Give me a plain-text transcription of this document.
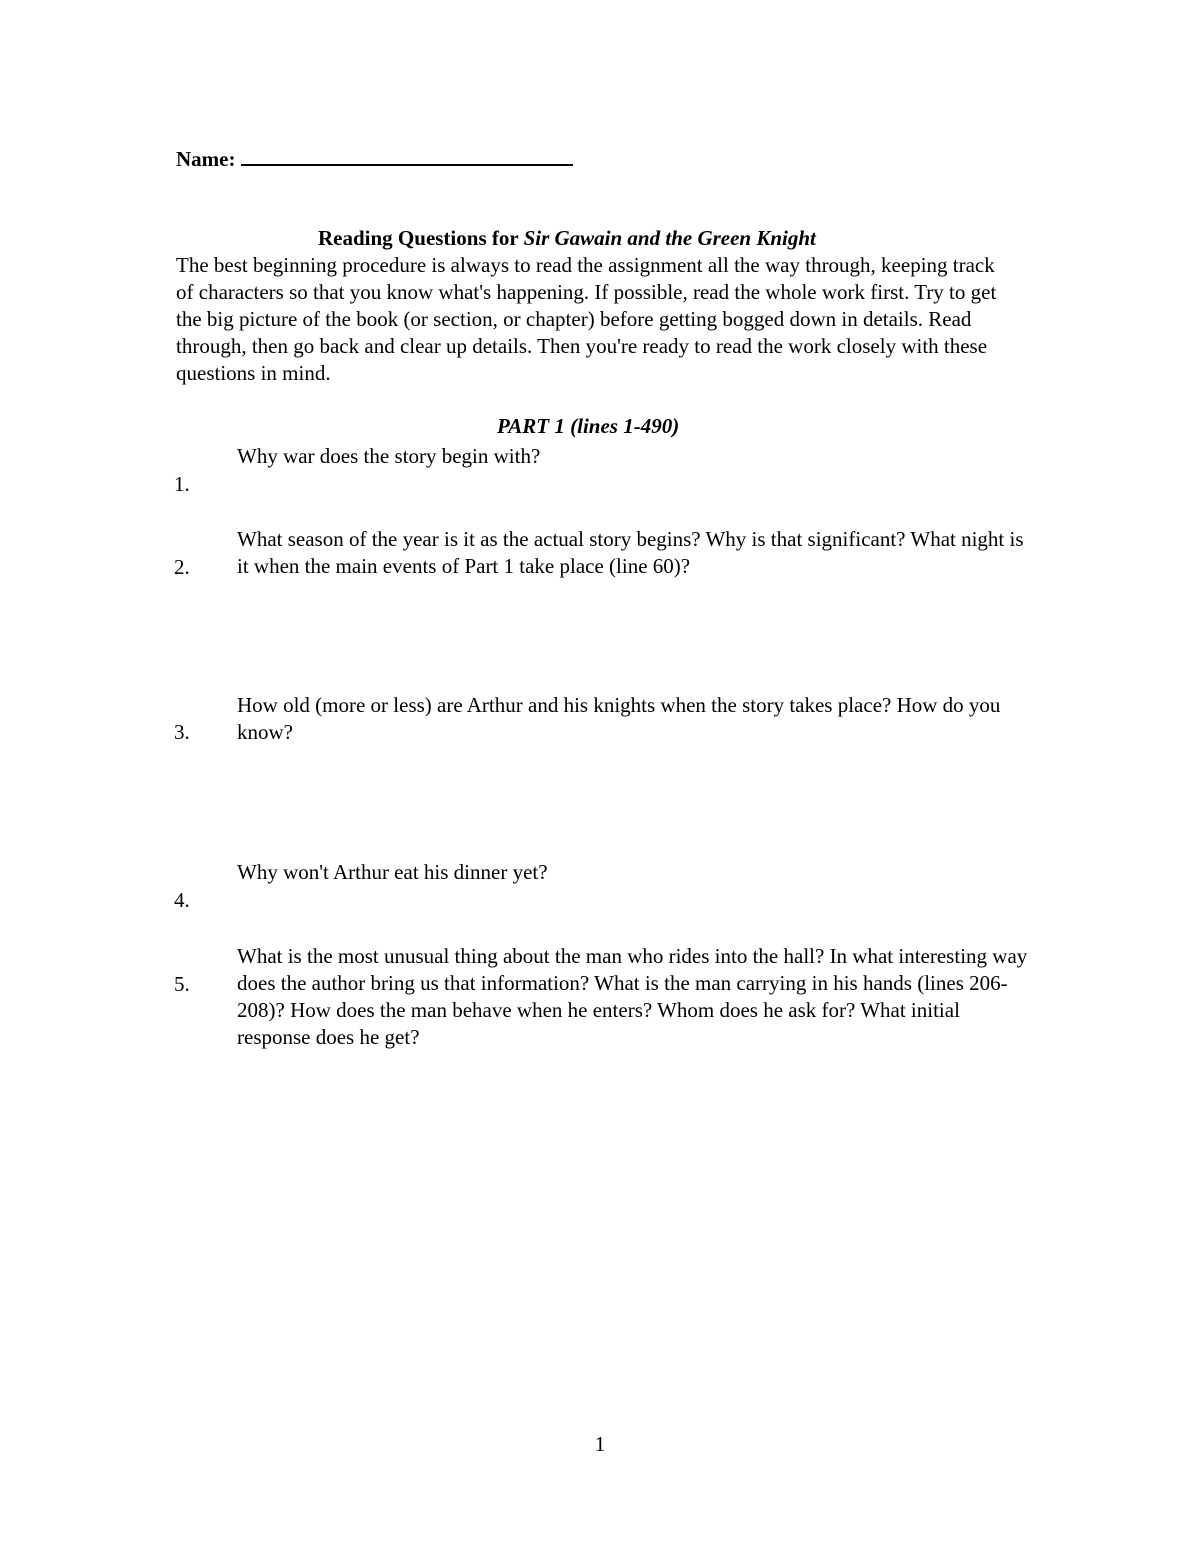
Name:
Reading Questions for Sir Gawain and the Green Knight
The best beginning procedure is always to read the assignment all the way through, keeping track of characters so that you know what's happening. If possible, read the whole work first. Try to get the big picture of the book (or section, or chapter) before getting bogged down in details. Read through, then go back and clear up details. Then you're ready to read the work closely with these questions in mind.
PART 1 (lines 1-490)
Why war does the story begin with?
1.
What season of the year is it as the actual story begins? Why is that significant? What night is it when the main events of Part 1 take place (line 60)?
2.
How old (more or less) are Arthur and his knights when the story takes place? How do you know?
3.
Why won't Arthur eat his dinner yet?
4.
What is the most unusual thing about the man who rides into the hall? In what interesting way does the author bring us that information? What is the man carrying in his hands (lines 206-208)? How does the man behave when he enters? Whom does he ask for? What initial response does he get?
5.
1
